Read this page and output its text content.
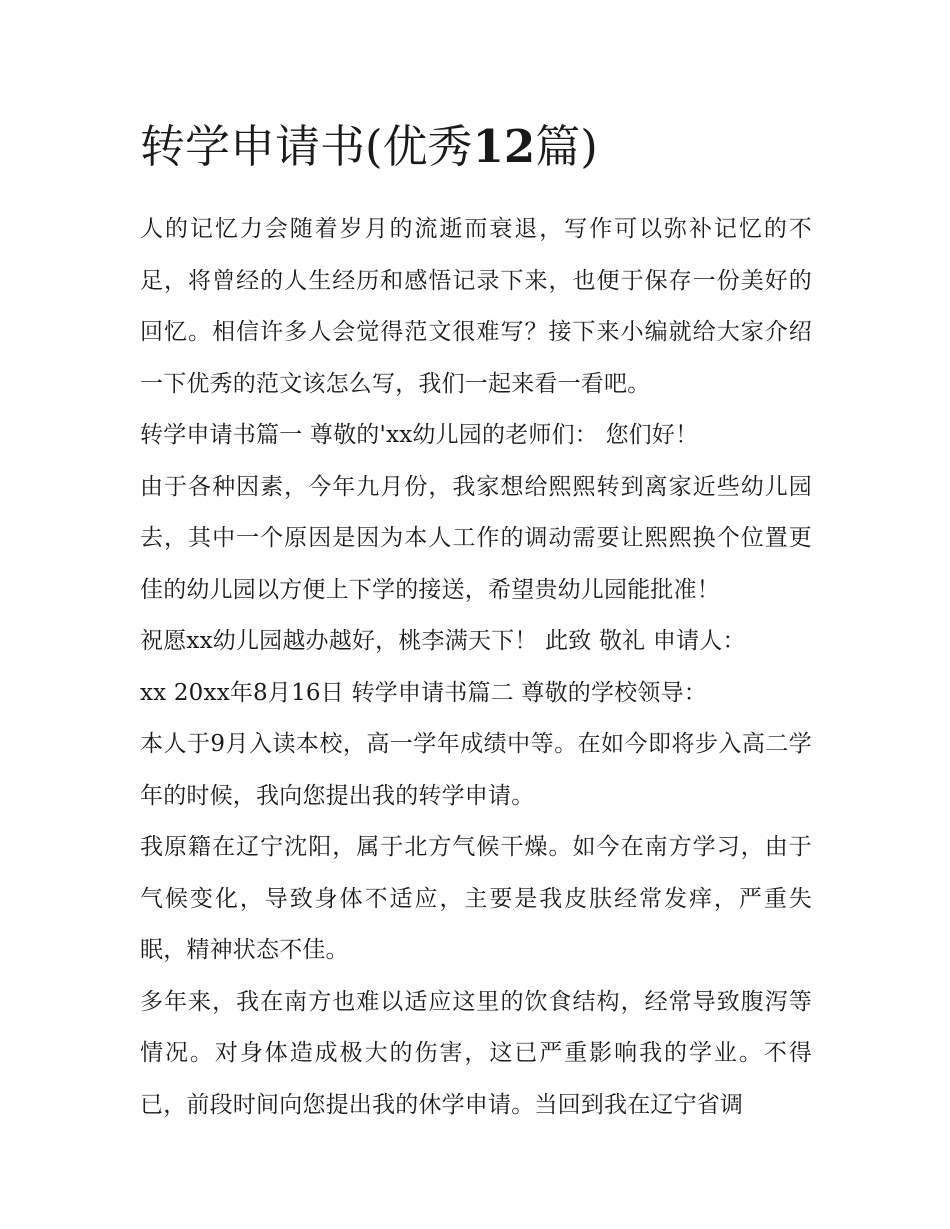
转学申请书(优秀12篇)

人的记忆力会随着岁月的流逝而衰退，写作可以弥补记忆的不足，将曾经的人生经历和感悟记录下来，也便于保存一份美好的回忆。相信许多人会觉得范文很难写？接下来小编就给大家介绍一下优秀的范文该怎么写，我们一起来看一看吧。

转学申请书篇一 尊敬的'xx幼儿园的老师们： 您们好！

由于各种因素，今年九月份，我家想给熙熙转到离家近些幼儿园去，其中一个原因是因为本人工作的调动需要让熙熙换个位置更佳的幼儿园以方便上下学的接送，希望贵幼儿园能批准！

祝愿xx幼儿园越办越好，桃李满天下！ 此致 敬礼 申请人：

xx 20xx年8月16日 转学申请书篇二 尊敬的学校领导：

本人于9月入读本校，高一学年成绩中等。在如今即将步入高二学年的时候，我向您提出我的转学申请。

我原籍在辽宁沈阳，属于北方气候干燥。如今在南方学习，由于气候变化，导致身体不适应，主要是我皮肤经常发痒，严重失眠，精神状态不佳。

多年来，我在南方也难以适应这里的饮食结构，经常导致腹泻等情况。对身体造成极大的伤害，这已严重影响我的学业。不得已，前段时间向您提出我的休学申请。当回到我在辽宁省调
